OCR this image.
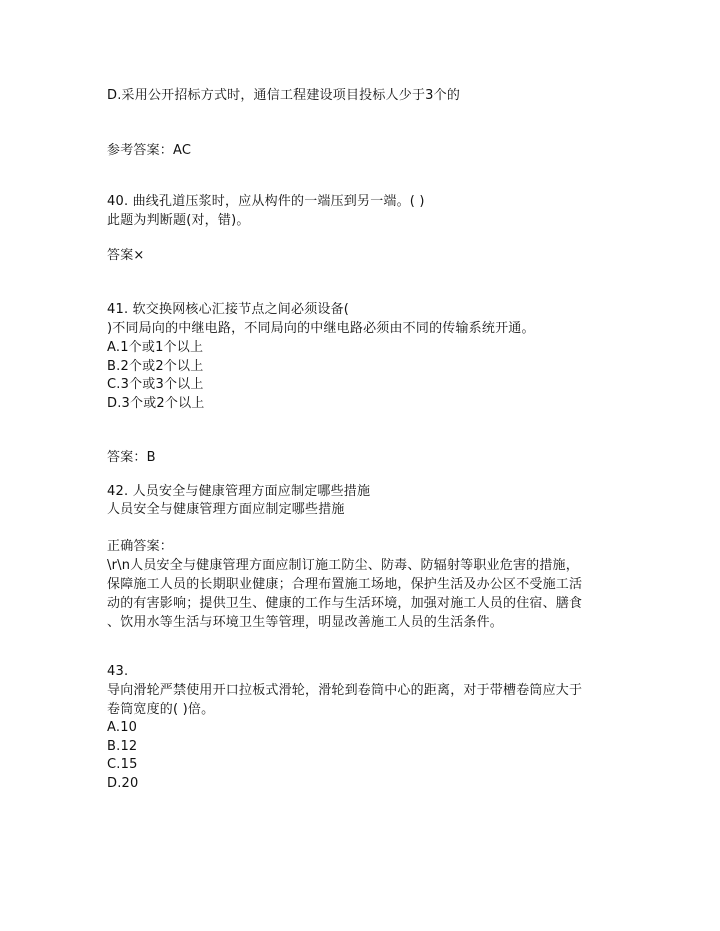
D.采用公开招标方式时，通信工程建设项目投标人少于3个的
参考答案：AC
40. 曲线孔道压浆时，应从构件的一端压到另一端。( )
此题为判断题(对，错)。
答案×
41. 软交换网核心汇接节点之间必须设备(
)不同局向的中继电路，不同局向的中继电路必须由不同的传输系统开通。
A.1个或1个以上
B.2个或2个以上
C.3个或3个以上
D.3个或2个以上
答案：B
42. 人员安全与健康管理方面应制定哪些措施
人员安全与健康管理方面应制定哪些措施
正确答案：
\r\n人员安全与健康管理方面应制订施工防尘、防毒、防辐射等职业危害的措施，
保障施工人员的长期职业健康；合理布置施工场地，保护生活及办公区不受施工活
动的有害影响；提供卫生、健康的工作与生活环境，加强对施工人员的住宿、膳食
、饮用水等生活与环境卫生等管理，明显改善施工人员的生活条件。
43.
导向滑轮严禁使用开口拉板式滑轮，滑轮到卷筒中心的距离，对于带槽卷筒应大于
卷筒宽度的( )倍。
A.10
B.12
C.15
D.20
